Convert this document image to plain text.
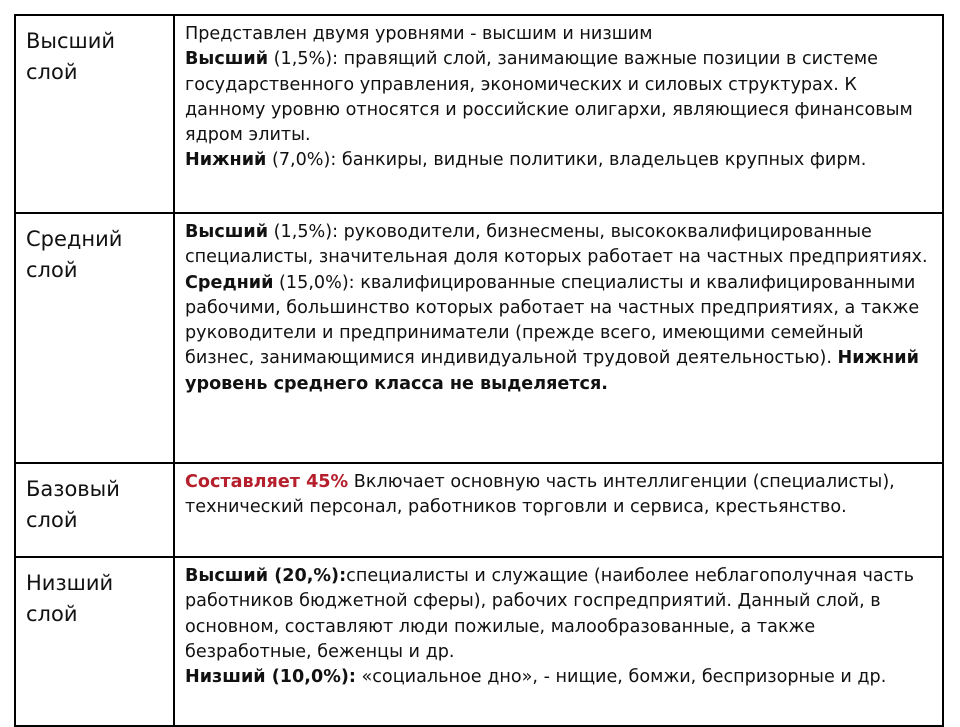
Высший слой	Представлен двумя уровнями - высшим и низшим

Высший (1,5%): правящий слой, занимающие важные позиции в системе государственного управления, экономических и силовых структурах. К данному уровню относятся и российские олигархи, являющиеся финансовым ядром элиты.

Нижний (7,0%): банкиры, видные политики, владельцев крупных фирм.

Средний слой	Высший (1,5%): руководители, бизнесмены, высококвалифицированные специалисты, значительная доля которых работает на частных предприятиях. Средний (15,0%): квалифицированные специалисты и квалифицированными рабочими, большинство которых работает на частных предприятиях, а также руководители и предприниматели (прежде всего, имеющими семейный бизнес, занимающимися индивидуальной трудовой деятельностью). Нижний уровень среднего класса не выделяется.

Базовый слой	Составляет 45% Включает основную часть интеллигенции (специалисты), технический персонал, работников торговли и сервиса, крестьянство.

Низший слой	Высший (20,%):специалисты и служащие (наиболее неблагополучная часть работников бюджетной сферы), рабочих госпредприятий. Данный слой, в основном, составляют люди пожилые, малообразованные, а также безработные, беженцы и др.

Низший (10,0%): «социальное дно», - нищие, бомжи, беспризорные и др.
